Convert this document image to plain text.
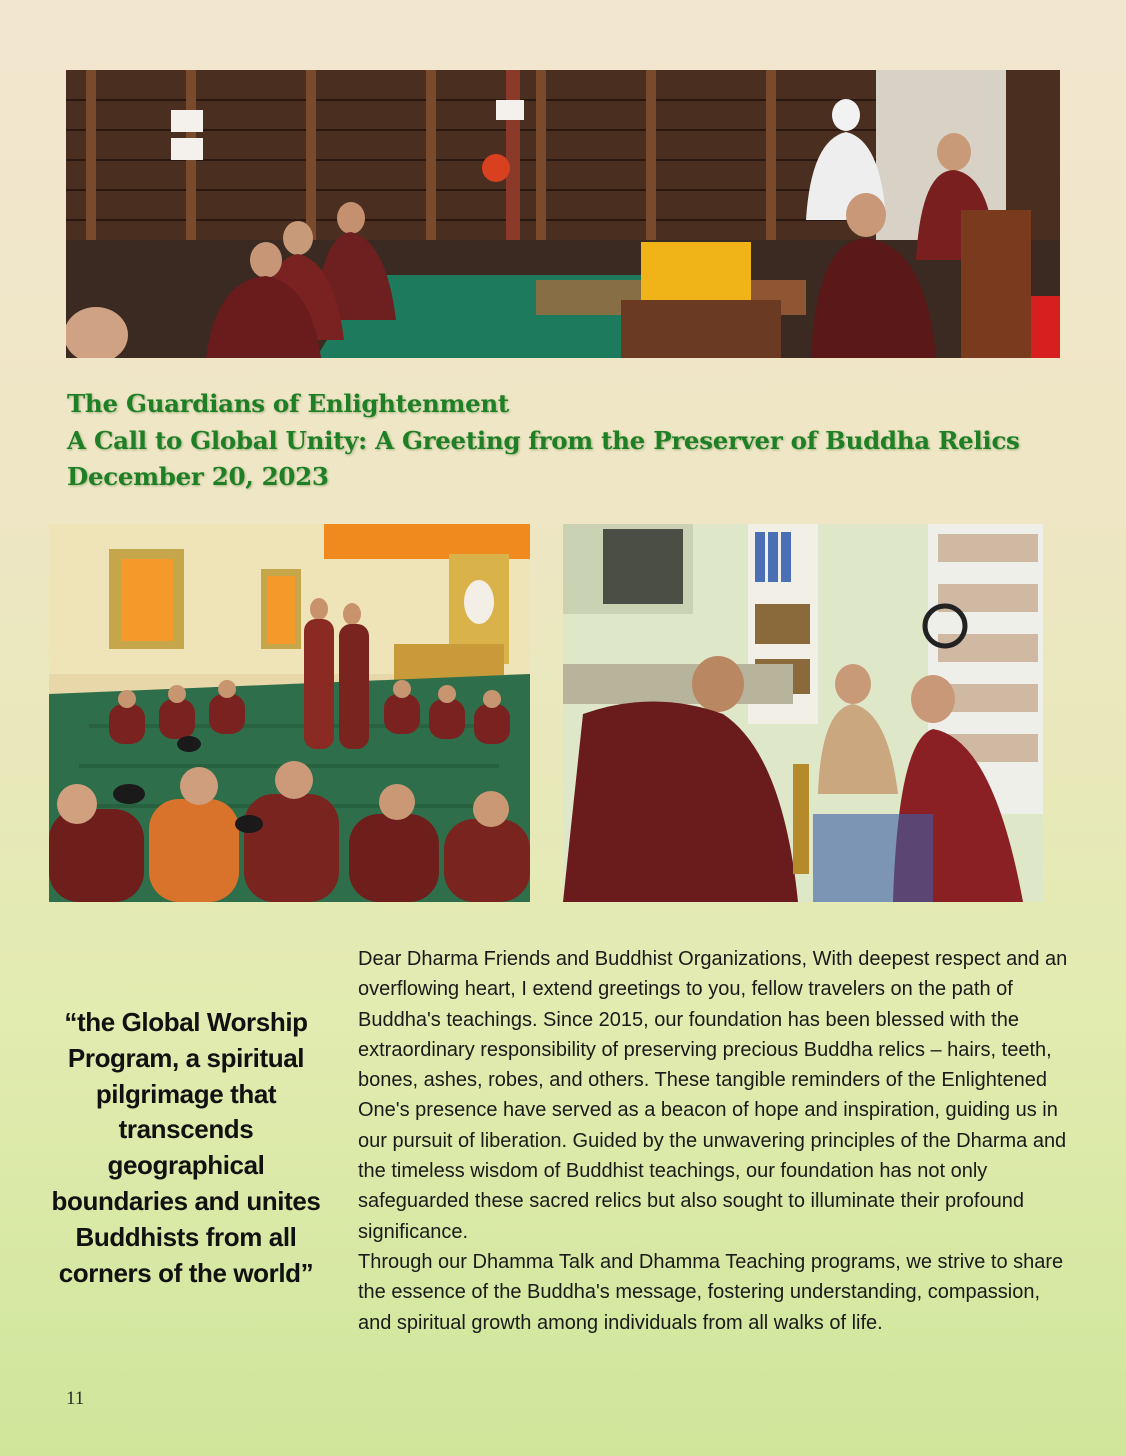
The Guardians of Enlightenment
A Call to Global Unity: A Greeting from the Preserver of Buddha Relics
December 20, 2023
“the Global Worship Program, a spiritual pilgrimage that transcends geographical boundaries and unites Buddhists from all corners of the world”

Dear Dharma Friends and Buddhist Organizations, With deepest respect and an overflowing heart, I extend greetings to you, fellow travelers on the path of Buddha's teachings. Since 2015, our foundation has been blessed with the extraordinary responsibility of preserving precious Buddha relics – hairs, teeth, bones, ashes, robes, and others. These tangible reminders of the Enlightened One's presence have served as a beacon of hope and inspiration, guiding us in our pursuit of liberation. Guided by the unwavering principles of the Dharma and the timeless wisdom of Buddhist teachings, our foundation has not only safeguarded these sacred relics but also sought to illuminate their profound significance.

Through our Dhamma Talk and Dhamma Teaching programs, we strive to share the essence of the Buddha's message, fostering understanding, compassion, and spiritual growth among individuals from all walks of life.

11
